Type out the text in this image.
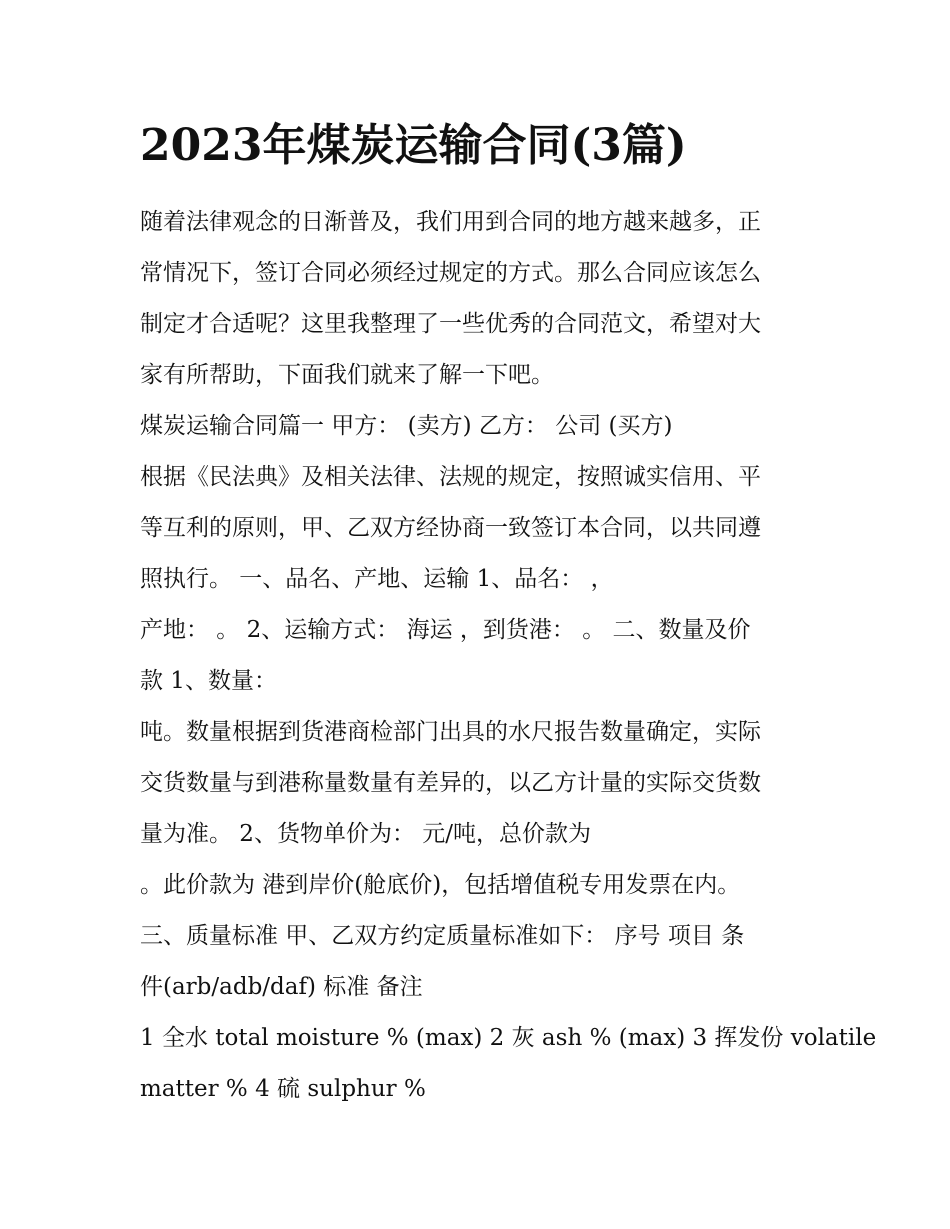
2023年煤炭运输合同(3篇)
随着法律观念的日渐普及，我们用到合同的地方越来越多，正
常情况下，签订合同必须经过规定的方式。那么合同应该怎么
制定才合适呢？这里我整理了一些优秀的合同范文，希望对大
家有所帮助，下面我们就来了解一下吧。
煤炭运输合同篇一 甲方： (卖方) 乙方： 公司 (买方)
根据《民法典》及相关法律、法规的规定，按照诚实信用、平
等互利的原则，甲、乙双方经协商一致签订本合同，以共同遵
照执行。 一、品名、产地、运输 1、品名： ，
产地： 。 2、运输方式： 海运 ，到货港： 。 二、数量及价
款 1、数量：
吨。数量根据到货港商检部门出具的水尺报告数量确定，实际
交货数量与到港称量数量有差异的，以乙方计量的实际交货数
量为准。 2、货物单价为： 元/吨，总价款为
。此价款为 港到岸价(舱底价)，包括增值税专用发票在内。
三、质量标准 甲、乙双方约定质量标准如下： 序号 项目 条
件(arb/adb/daf) 标准 备注
1 全水 total moisture % (max) 2 灰 ash % (max) 3 挥发份 volatile
matter % 4 硫 sulphur %
